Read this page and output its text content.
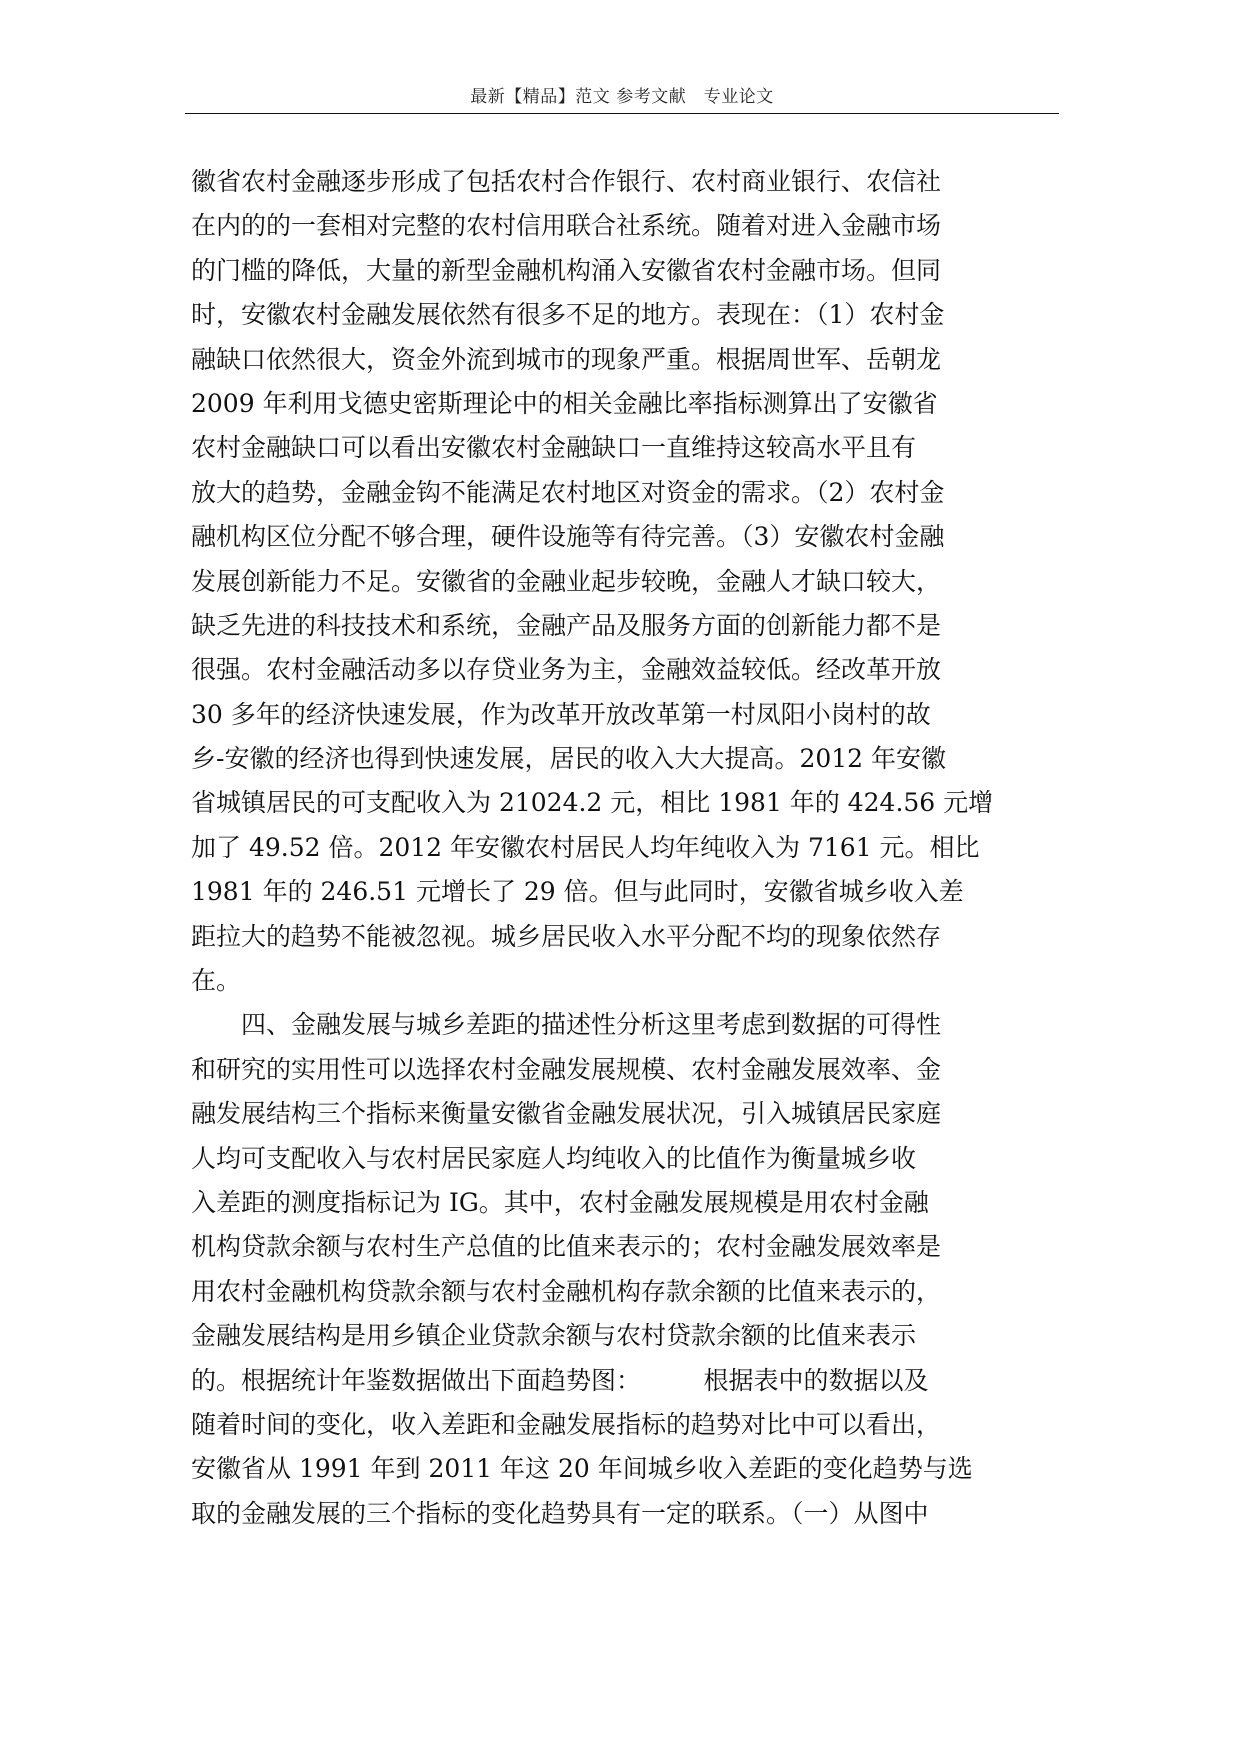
最新【精品】范文 参考文献　专业论文
徽省农村金融逐步形成了包括农村合作银行、农村商业银行、农信社
在内的的一套相对完整的农村信用联合社系统。随着对进入金融市场
的门槛的降低，大量的新型金融机构涌入安徽省农村金融市场。但同
时，安徽农村金融发展依然有很多不足的地方。表现在：（1）农村金
融缺口依然很大，资金外流到城市的现象严重。根据周世军、岳朝龙
2009 年利用戈德史密斯理论中的相关金融比率指标测算出了安徽省
农村金融缺口可以看出安徽农村金融缺口一直维持这较高水平且有
放大的趋势，金融金钩不能满足农村地区对资金的需求。（2）农村金
融机构区位分配不够合理，硬件设施等有待完善。（3）安徽农村金融
发展创新能力不足。安徽省的金融业起步较晚，金融人才缺口较大，
缺乏先进的科技技术和系统，金融产品及服务方面的创新能力都不是
很强。农村金融活动多以存贷业务为主，金融效益较低。经改革开放
30 多年的经济快速发展，作为改革开放改革第一村凤阳小岗村的故
乡-安徽的经济也得到快速发展，居民的收入大大提高。2012 年安徽
省城镇居民的可支配收入为 21024.2 元，相比 1981 年的 424.56 元增
加了 49.52 倍。2012 年安徽农村居民人均年纯收入为 7161 元。相比
1981 年的 246.51 元增长了 29 倍。但与此同时，安徽省城乡收入差
距拉大的趋势不能被忽视。城乡居民收入水平分配不均的现象依然存
在。
　　四、金融发展与城乡差距的描述性分析这里考虑到数据的可得性
和研究的实用性可以选择农村金融发展规模、农村金融发展效率、金
融发展结构三个指标来衡量安徽省金融发展状况，引入城镇居民家庭
人均可支配收入与农村居民家庭人均纯收入的比值作为衡量城乡收
入差距的测度指标记为 IG。其中，农村金融发展规模是用农村金融
机构贷款余额与农村生产总值的比值来表示的；农村金融发展效率是
用农村金融机构贷款余额与农村金融机构存款余额的比值来表示的，
金融发展结构是用乡镇企业贷款余额与农村贷款余额的比值来表示
的。根据统计年鉴数据做出下面趋势图：　　　根据表中的数据以及
随着时间的变化，收入差距和金融发展指标的趋势对比中可以看出，
安徽省从 1991 年到 2011 年这 20 年间城乡收入差距的变化趋势与选
取的金融发展的三个指标的变化趋势具有一定的联系。（一）从图中
